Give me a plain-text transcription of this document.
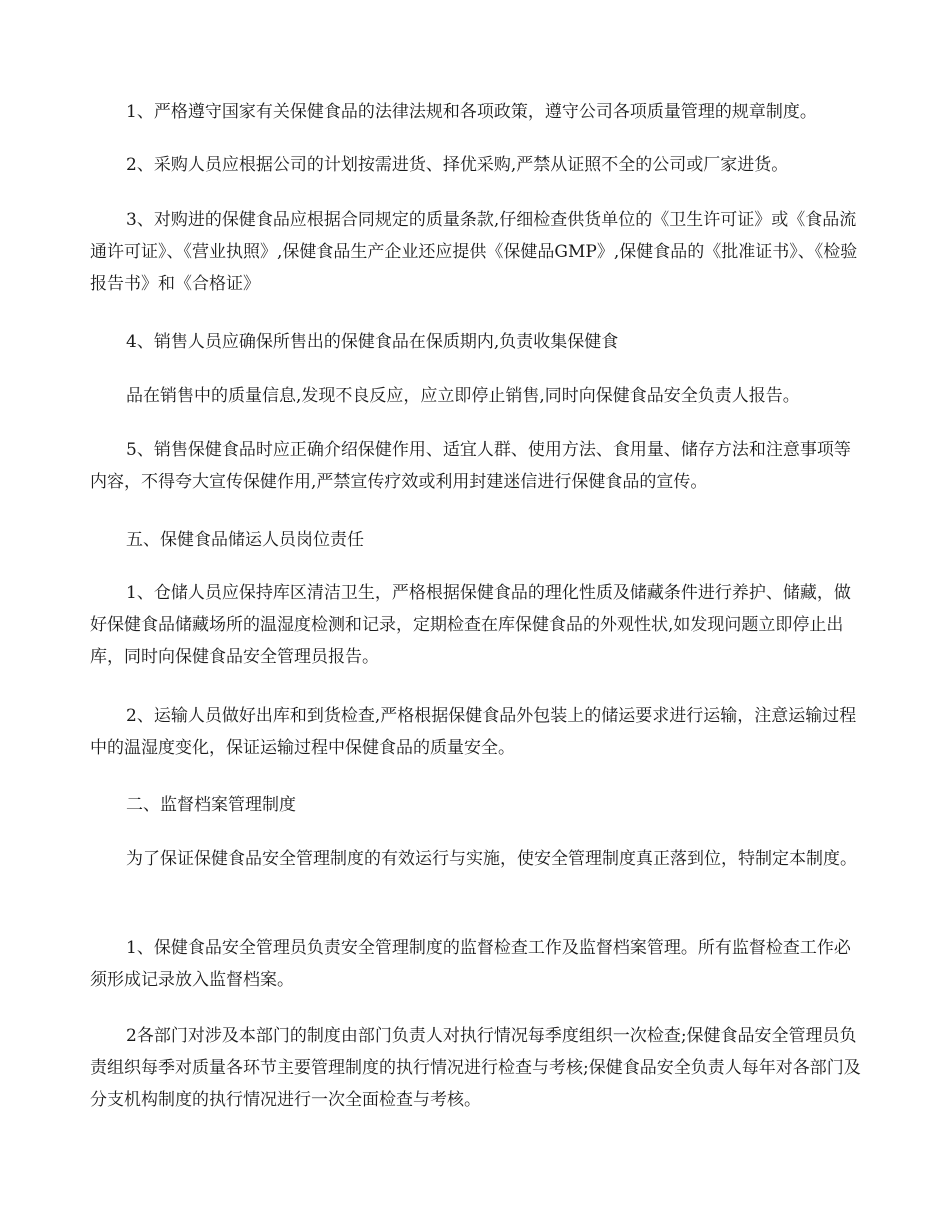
1、严格遵守国家有关保健食品的法律法规和各项政策，遵守公司各项质量管理的规章制度。

2、采购人员应根据公司的计划按需进货、择优采购,严禁从证照不全的公司或厂家进货。

3、对购进的保健食品应根据合同规定的质量条款,仔细检查供货单位的《卫生许可证》或《食品流通许可证》、《营业执照》,保健食品生产企业还应提供《保健品GMP》,保健食品的《批准证书》、《检验报告书》和《合格证》

4、销售人员应确保所售出的保健食品在保质期内,负责收集保健食

品在销售中的质量信息,发现不良反应，应立即停止销售,同时向保健食品安全负责人报告。

5、销售保健食品时应正确介绍保健作用、适宜人群、使用方法、食用量、储存方法和注意事项等内容，不得夸大宣传保健作用,严禁宣传疗效或利用封建迷信进行保健食品的宣传。

五、保健食品储运人员岗位责任

1、仓储人员应保持库区清洁卫生，严格根据保健食品的理化性质及储藏条件进行养护、储藏，做好保健食品储藏场所的温湿度检测和记录，定期检查在库保健食品的外观性状,如发现问题立即停止出库，同时向保健食品安全管理员报告。

2、运输人员做好出库和到货检查,严格根据保健食品外包装上的储运要求进行运输，注意运输过程中的温湿度变化，保证运输过程中保健食品的质量安全。

二、监督档案管理制度

为了保证保健食品安全管理制度的有效运行与实施，使安全管理制度真正落到位，特制定本制度。

1、保健食品安全管理员负责安全管理制度的监督检查工作及监督档案管理。所有监督检查工作必须形成记录放入监督档案。

2各部门对涉及本部门的制度由部门负责人对执行情况每季度组织一次检查;保健食品安全管理员负责组织每季对质量各环节主要管理制度的执行情况进行检查与考核;保健食品安全负责人每年对各部门及分支机构制度的执行情况进行一次全面检查与考核。
